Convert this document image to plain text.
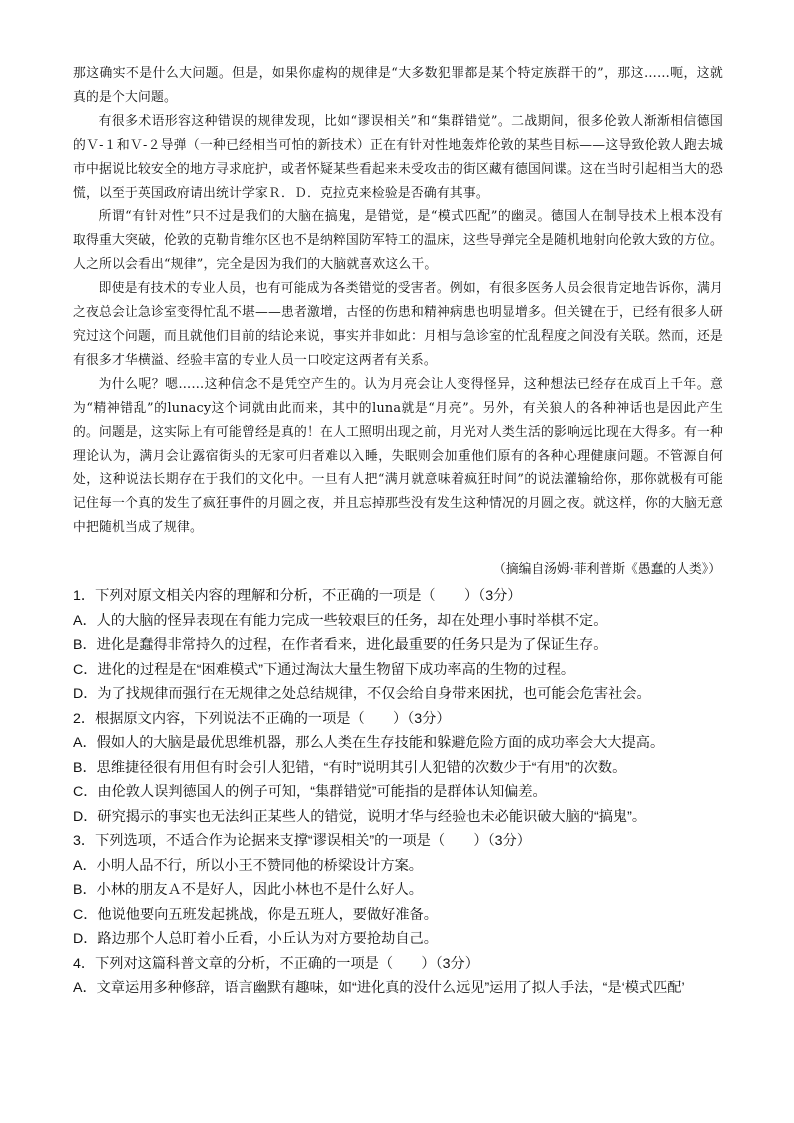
那这确实不是什么大问题。但是，如果你虚构的规律是“大多数犯罪都是某个特定族群干的”，那这……呃，这就真的是个大问题。

有很多术语形容这种错误的规律发现，比如“谬误相关”和“集群错觉”。二战期间，很多伦敦人渐渐相信德国的Ｖ-１和Ｖ-２导弹（一种已经相当可怕的新技术）正在有针对性地轰炸伦敦的某些目标——这导致伦敦人跑去城市中据说比较安全的地方寻求庇护，或者怀疑某些看起来未受攻击的街区藏有德国间谍。这在当时引起相当大的恐慌，以至于英国政府请出统计学家Ｒ．Ｄ．克拉克来检验是否确有其事。

所谓“有针对性”只不过是我们的大脑在搞鬼，是错觉，是“模式匹配”的幽灵。德国人在制导技术上根本没有取得重大突破，伦敦的克勒肯维尔区也不是纳粹国防军特工的温床，这些导弹完全是随机地射向伦敦大致的方位。人之所以会看出“规律”，完全是因为我们的大脑就喜欢这么干。

即使是有技术的专业人员，也有可能成为各类错觉的受害者。例如，有很多医务人员会很肯定地告诉你，满月之夜总会让急诊室变得忙乱不堪——患者激增，古怪的伤患和精神病患也明显增多。但关键在于，已经有很多人研究过这个问题，而且就他们目前的结论来说，事实并非如此：月相与急诊室的忙乱程度之间没有关联。然而，还是有很多才华横溢、经验丰富的专业人员一口咬定这两者有关系。

为什么呢？嗯……这种信念不是凭空产生的。认为月亮会让人变得怪异，这种想法已经存在成百上千年。意为“精神错乱”的lunacy这个词就由此而来，其中的luna就是“月亮”。另外，有关狼人的各种神话也是因此产生的。问题是，这实际上有可能曾经是真的！在人工照明出现之前，月光对人类生活的影响远比现在大得多。有一种理论认为，满月会让露宿街头的无家可归者难以入睡，失眠则会加重他们原有的各种心理健康问题。不管源自何处，这种说法长期存在于我们的文化中。一旦有人把“满月就意味着疯狂时间”的说法灌输给你，那你就极有可能记住每一个真的发生了疯狂事件的月圆之夜，并且忘掉那些没有发生这种情况的月圆之夜。就这样，你的大脑无意中把随机当成了规律。

（摘编自汤姆·菲利普斯《愚蠢的人类》）

1．下列对原文相关内容的理解和分析，不正确的一项是（　　）（3分）

A．人的大脑的怪异表现在有能力完成一些较艰巨的任务，却在处理小事时举棋不定。

B．进化是蠢得非常持久的过程，在作者看来，进化最重要的任务只是为了保证生存。

C．进化的过程是在“困难模式”下通过淘汰大量生物留下成功率高的生物的过程。

D．为了找规律而强行在无规律之处总结规律，不仅会给自身带来困扰，也可能会危害社会。

2．根据原文内容，下列说法不正确的一项是（　　）（3分）

A．假如人的大脑是最优思维机器，那么人类在生存技能和躲避危险方面的成功率会大大提高。

B．思维捷径很有用但有时会引人犯错，“有时”说明其引人犯错的次数少于“有用”的次数。

C．由伦敦人误判德国人的例子可知，“集群错觉”可能指的是群体认知偏差。

D．研究揭示的事实也无法纠正某些人的错觉，说明才华与经验也未必能识破大脑的“搞鬼”。

3．下列选项，不适合作为论据来支撑“谬误相关”的一项是（　　）（3分）

A．小明人品不行，所以小王不赞同他的桥梁设计方案。

B．小林的朋友Ａ不是好人，因此小林也不是什么好人。

C．他说他要向五班发起挑战，你是五班人，要做好准备。

D．路边那个人总盯着小丘看，小丘认为对方要抢劫自己。

4．下列对这篇科普文章的分析，不正确的一项是（　　）（3分）

A．文章运用多种修辞，语言幽默有趣味，如“进化真的没什么远见”运用了拟人手法，“是‘模式匹配’
